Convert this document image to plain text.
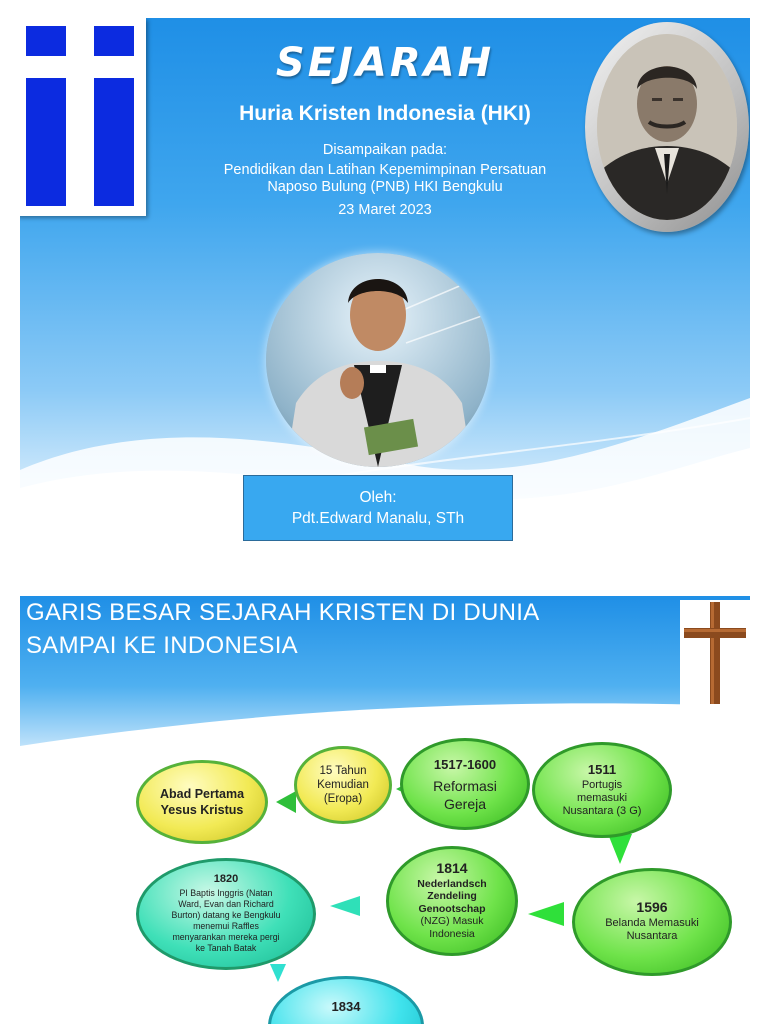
SEJARAH
Huria Kristen Indonesia (HKI)
Disampaikan pada:
Pendidikan dan Latihan Kepemimpinan Persatuan
Naposo Bulung (PNB) HKI Bengkulu
23 Maret 2023
Oleh:
Pdt.Edward Manalu, STh
GARIS BESAR SEJARAH KRISTEN DI DUNIA
SAMPAI KE INDONESIA
Abad Pertama
Yesus Kristus
15 Tahun
Kemudian
(Eropa)
1517-1600
Reformasi
Gereja
1511
Portugis
memasuki
Nusantara (3 G)
1596
Belanda Memasuki
Nusantara
1814
Nederlandsch
Zendeling
Genootschap
(NZG) Masuk
Indonesia
1820
PI Baptis Inggris (Natan
Ward, Evan dan Richard
Burton) datang ke Bengkulu
menemui Raffles
menyarankan mereka pergi
ke Tanah Batak
1834
